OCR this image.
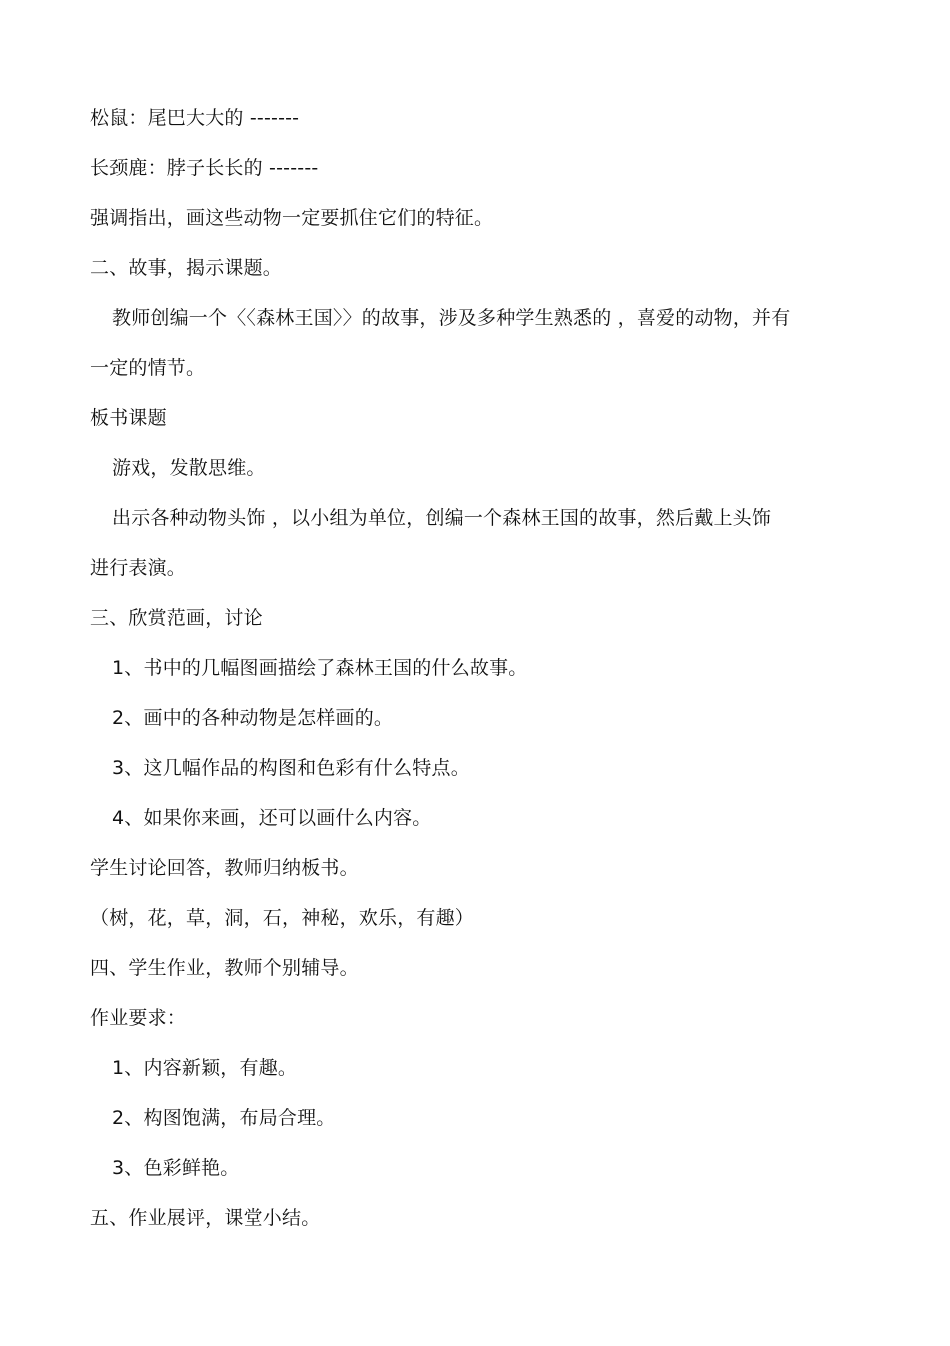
松鼠：尾巴大大的 -------
长颈鹿：脖子长长的 -------
强调指出，画这些动物一定要抓住它们的特征。
二、故事，揭示课题。
教师创编一个〈〈森林王国〉〉的故事，涉及多种学生熟悉的 ，喜爱的动物，并有
一定的情节。
板书课题
游戏，发散思维。
出示各种动物头饰 ，以小组为单位，创编一个森林王国的故事，然后戴上头饰
进行表演。
三、欣赏范画，讨论
1、书中的几幅图画描绘了森林王国的什么故事。
2、画中的各种动物是怎样画的。
3、这几幅作品的构图和色彩有什么特点。
4、如果你来画，还可以画什么内容。
学生讨论回答，教师归纳板书。
（树，花，草，洞，石，神秘，欢乐，有趣）
四、学生作业，教师个别辅导。
作业要求：
1、内容新颖，有趣。
2、构图饱满，布局合理。
3、色彩鲜艳。
五、作业展评，课堂小结。
